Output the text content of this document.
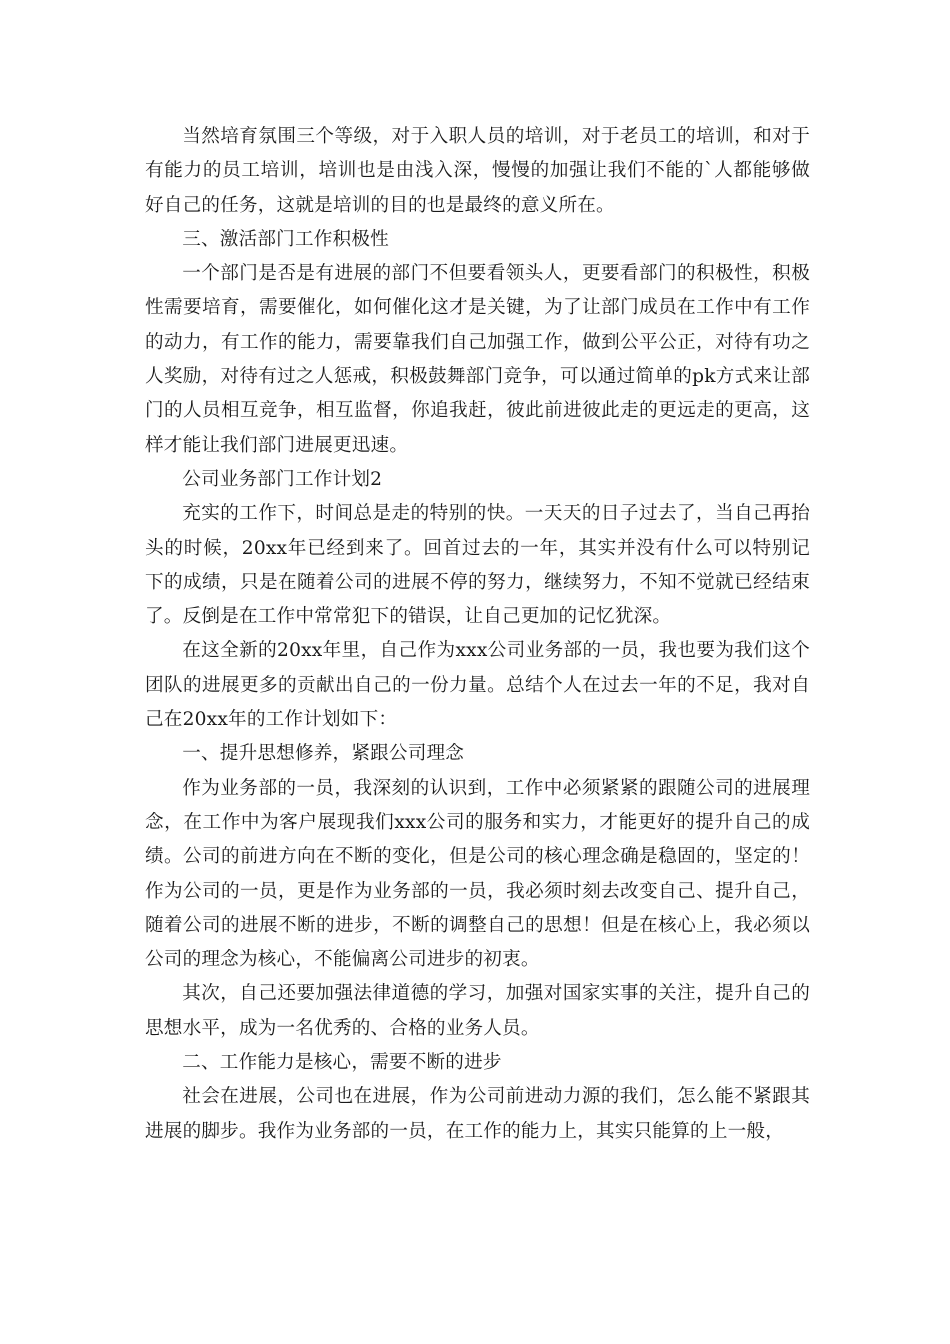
当然培育氛围三个等级，对于入职人员的培训，对于老员工的培训，和对于有能力的员工培训，培训也是由浅入深，慢慢的加强让我们不能的`人都能够做好自己的任务，这就是培训的目的也是最终的意义所在。

三、激活部门工作积极性

一个部门是否是有进展的部门不但要看领头人，更要看部门的积极性，积极性需要培育，需要催化，如何催化这才是关键，为了让部门成员在工作中有工作的动力，有工作的能力，需要靠我们自己加强工作，做到公平公正，对待有功之人奖励，对待有过之人惩戒，积极鼓舞部门竞争，可以通过简单的pk方式来让部门的人员相互竞争，相互监督，你追我赶，彼此前进彼此走的更远走的更高，这样才能让我们部门进展更迅速。

公司业务部门工作计划2

充实的工作下，时间总是走的特别的快。一天天的日子过去了，当自己再抬头的时候，20xx年已经到来了。回首过去的一年，其实并没有什么可以特别记下的成绩，只是在随着公司的进展不停的努力，继续努力，不知不觉就已经结束了。反倒是在工作中常常犯下的错误，让自己更加的记忆犹深。

在这全新的20xx年里，自己作为xxx公司业务部的一员，我也要为我们这个团队的进展更多的贡献出自己的一份力量。总结个人在过去一年的不足，我对自己在20xx年的工作计划如下：

一、提升思想修养，紧跟公司理念

作为业务部的一员，我深刻的认识到，工作中必须紧紧的跟随公司的进展理念，在工作中为客户展现我们xxx公司的服务和实力，才能更好的提升自己的成绩。公司的前进方向在不断的变化，但是公司的核心理念确是稳固的，坚定的！作为公司的一员，更是作为业务部的一员，我必须时刻去改变自己、提升自己，随着公司的进展不断的进步，不断的调整自己的思想！但是在核心上，我必须以公司的理念为核心，不能偏离公司进步的初衷。

其次，自己还要加强法律道德的学习，加强对国家实事的关注，提升自己的思想水平，成为一名优秀的、合格的业务人员。

二、工作能力是核心，需要不断的进步

社会在进展，公司也在进展，作为公司前进动力源的我们，怎么能不紧跟其进展的脚步。我作为业务部的一员，在工作的能力上，其实只能算的上一般，
